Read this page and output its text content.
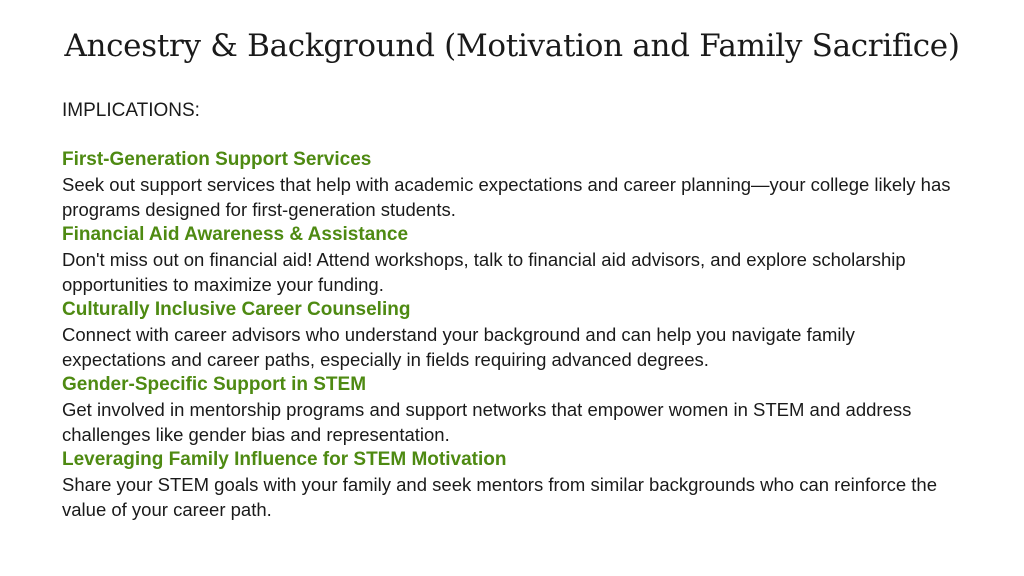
Ancestry & Background (Motivation and Family Sacrifice)

IMPLICATIONS:

First-Generation Support Services

Seek out support services that help with academic expectations and career planning—your college likely has programs designed for first-generation students.

Financial Aid Awareness & Assistance

Don't miss out on financial aid! Attend workshops, talk to financial aid advisors, and explore scholarship opportunities to maximize your funding.

Culturally Inclusive Career Counseling

Connect with career advisors who understand your background and can help you navigate family expectations and career paths, especially in fields requiring advanced degrees.

Gender-Specific Support in STEM

Get involved in mentorship programs and support networks that empower women in STEM and address challenges like gender bias and representation.

Leveraging Family Influence for STEM Motivation

Share your STEM goals with your family and seek mentors from similar backgrounds who can reinforce the value of your career path.
